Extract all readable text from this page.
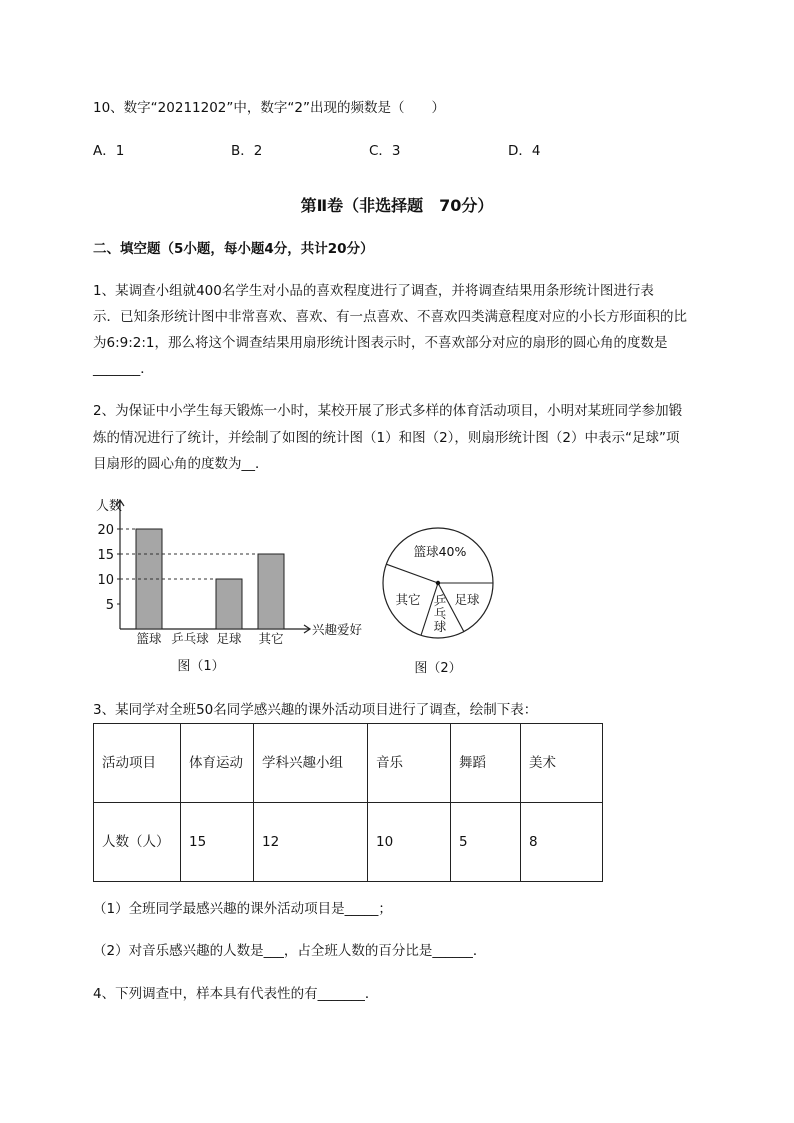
10、数字“20211202”中，数字“2”出现的频数是（　　）
A．1	B．2	C．3	D．4
第Ⅱ卷（非选择题　70分）
二、填空题（5小题，每小题4分，共计20分）
1、某调查小组就400名学生对小品的喜欢程度进行了调查，并将调查结果用条形统计图进行表
示．已知条形统计图中非常喜欢、喜欢、有一点喜欢、不喜欢四类满意程度对应的小长方形面积的比
为6:9:2:1，那么将这个调查结果用扇形统计图表示时，不喜欢部分对应的扇形的圆心角的度数是
_______．
2、为保证中小学生每天锻炼一小时，某校开展了形式多样的体育活动项目，小明对某班同学参加锻
炼的情况进行了统计，并绘制了如图的统计图（1）和图（2），则扇形统计图（2）中表示“足球”项
目扇形的圆心角的度数为__．
人数
兴趣爱好
5
10
15
20
篮球 乒乓球 足球 其它
图（1）
篮球40%
足球
乒
乓
球
其它
图（2）
3、某同学对全班50名同学感兴趣的课外活动项目进行了调查，绘制下表：
活动项目	体育运动	学科兴趣小组	音乐	舞蹈	美术
人数（人）	15	12	10	5	8
（1）全班同学最感兴趣的课外活动项目是_____；
（2）对音乐感兴趣的人数是___，占全班人数的百分比是______．
4、下列调查中，样本具有代表性的有_______．
